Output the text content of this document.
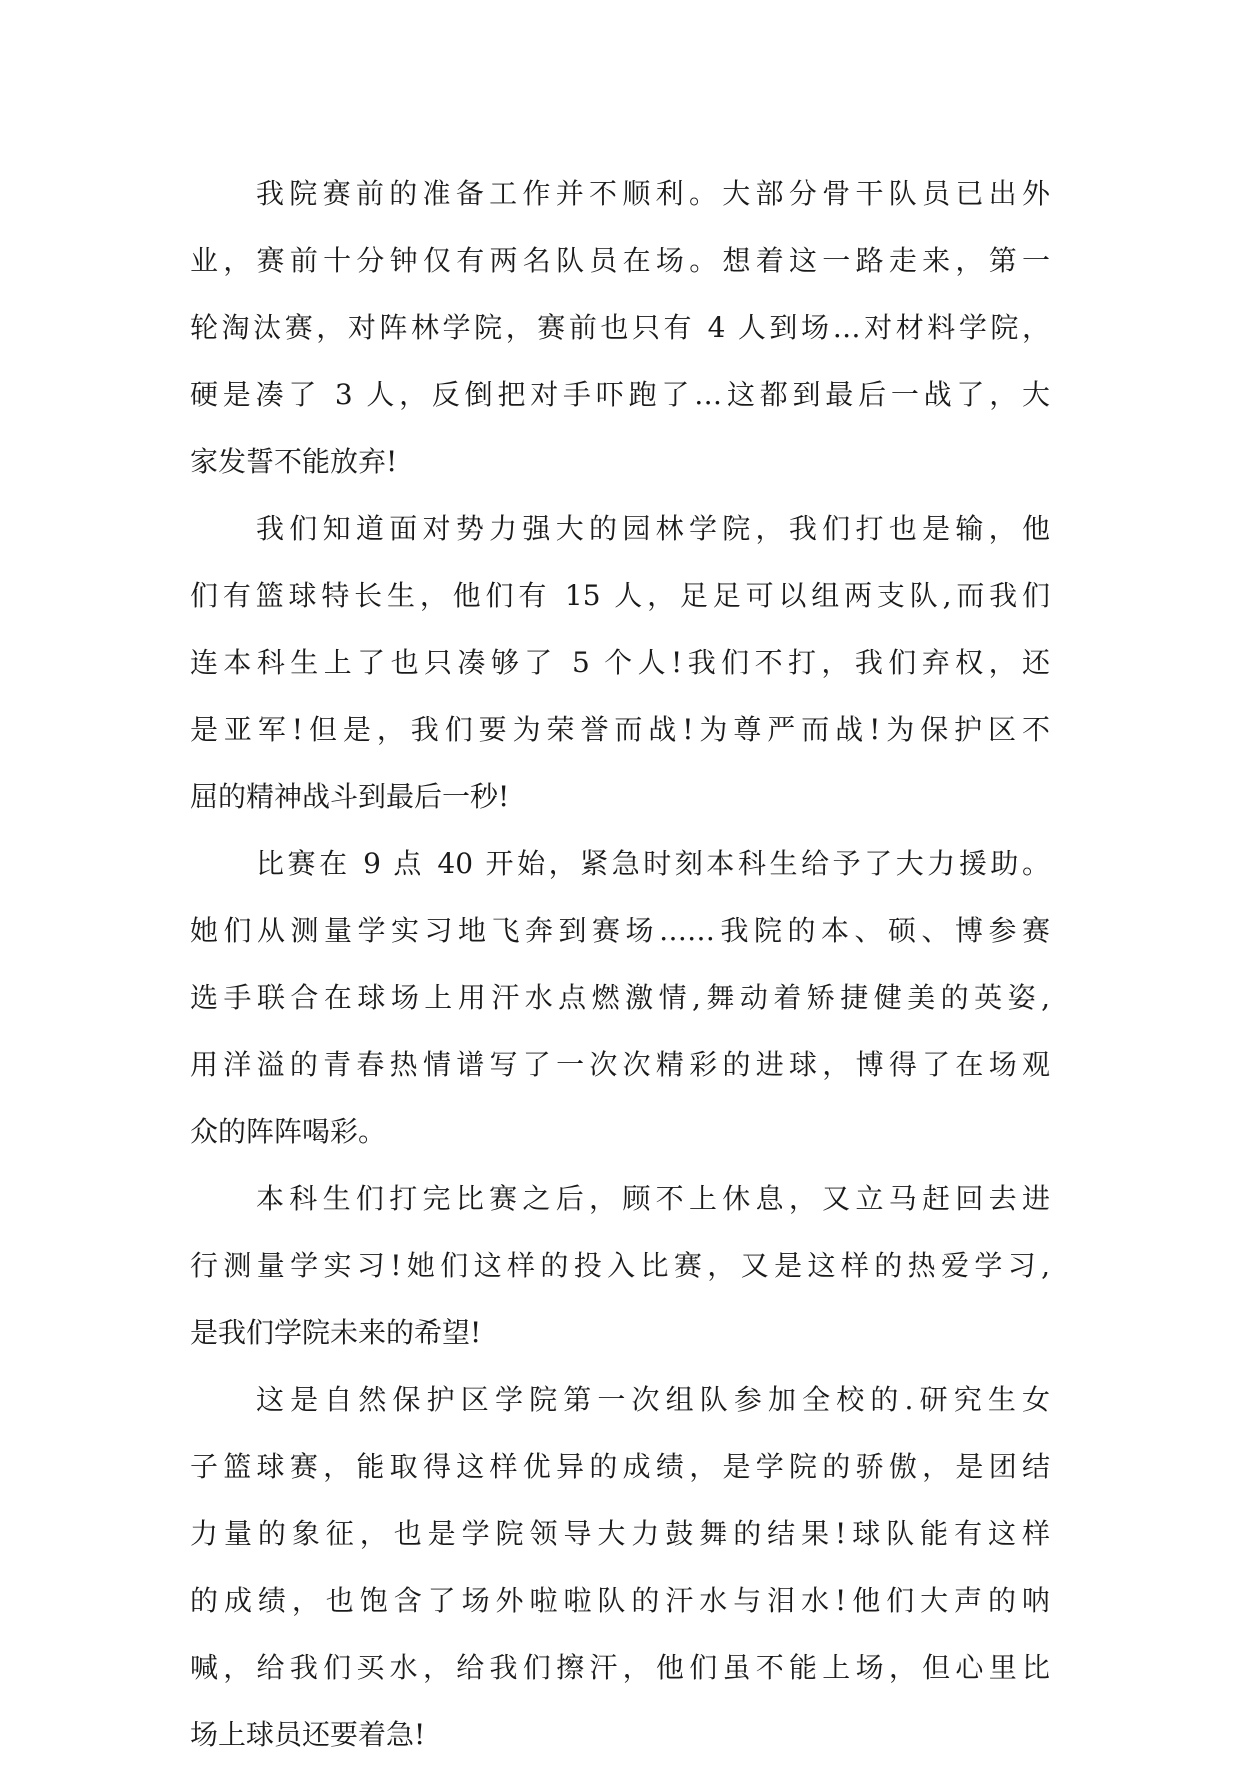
我院赛前的准备工作并不顺利。大部分骨干队员已出外
业，赛前十分钟仅有两名队员在场。想着这一路走来，第一
轮淘汰赛，对阵林学院，赛前也只有 4 人到场…对材料学院，
硬是凑了 3 人，反倒把对手吓跑了…这都到最后一战了，大
家发誓不能放弃!
我们知道面对势力强大的园林学院，我们打也是输，他
们有篮球特长生，他们有 15 人，足足可以组两支队,而我们
连本科生上了也只凑够了 5 个人!我们不打，我们弃权，还
是亚军!但是，我们要为荣誉而战!为尊严而战!为保护区不
屈的精神战斗到最后一秒!
比赛在 9 点 40 开始，紧急时刻本科生给予了大力援助。
她们从测量学实习地飞奔到赛场……我院的本、硕、博参赛
选手联合在球场上用汗水点燃激情,舞动着矫捷健美的英姿,
用洋溢的青春热情谱写了一次次精彩的进球，博得了在场观
众的阵阵喝彩。
本科生们打完比赛之后，顾不上休息，又立马赶回去进
行测量学实习!她们这样的投入比赛，又是这样的热爱学习,
是我们学院未来的希望!
这是自然保护区学院第一次组队参加全校的.研究生女
子篮球赛，能取得这样优异的成绩，是学院的骄傲，是团结
力量的象征，也是学院领导大力鼓舞的结果!球队能有这样
的成绩，也饱含了场外啦啦队的汗水与泪水!他们大声的呐
喊，给我们买水，给我们擦汗，他们虽不能上场，但心里比
场上球员还要着急!
